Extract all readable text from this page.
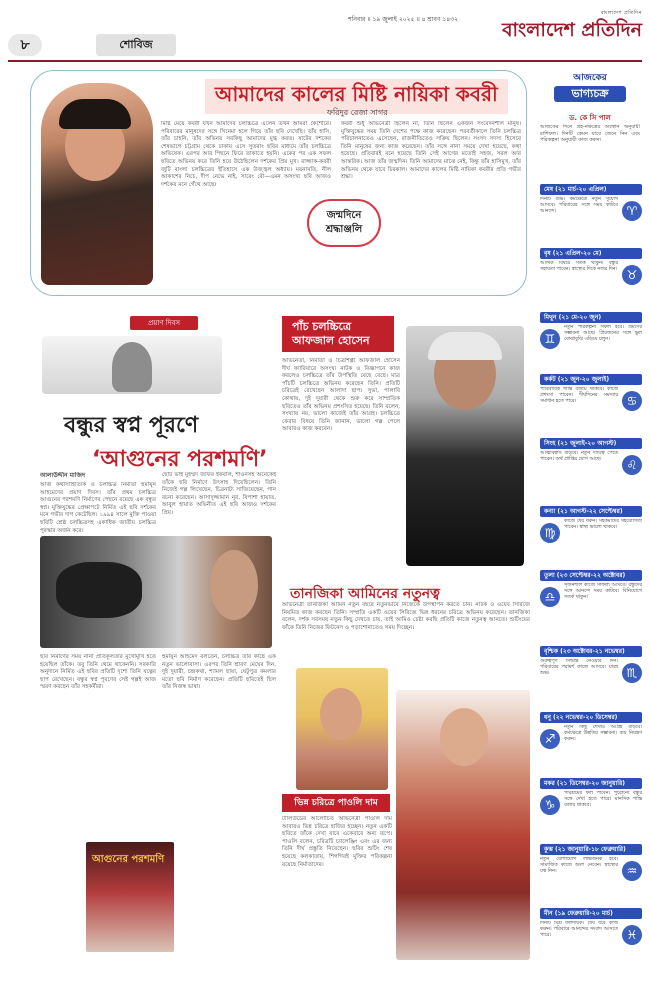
৮	শোবিজ
শনিবার ॥ ১৯ জুলাই ২০২৫ ॥ ৪ শ্রাবণ ১৪৩২
বাংলাদেশ প্রতিদিন
বাংলাদেশ প্রতিদিন
আমাদের কালের মিষ্টি নায়িকা কবরী
ফরিদুর রেজা সাগর
মিষ্টি মেয়ে কবরী যখন আমাদের চলচ্চিত্রে এলেন তখন আমরা কৈশোরে। পরিবারের মানুষদের সঙ্গে সিনেমা হলে গিয়ে তাঁর ছবি দেখেছি। তাঁর হাসি, তাঁর চাহনি, তাঁর অভিনয় সবকিছু আমাদের মুগ্ধ করত। ষাটের দশকের শেষভাগে চট্টগ্রাম থেকে ঢাকায় এসে সুতরাং ছবির মাধ্যমে তাঁর চলচ্চিত্রে অভিষেক। এরপর আর পিছনে ফিরে তাকাতে হয়নি। একের পর এক সফল ছবিতে অভিনয় করে তিনি হয়ে উঠেছিলেন দর্শকের প্রিয় মুখ। রাজ্জাক-কবরী জুটি বাংলা চলচ্চিত্রের ইতিহাসে এক উজ্জ্বল অধ্যায়। ময়নামতি, নীল আকাশের নিচে, দীপ নেভে নাই, সারেং বৌ—এমন অসংখ্য ছবি আজও দর্শকের মনে গেঁথে আছে।
কবরী শুধু অভিনেত্রী ছিলেন না, তিনি ছিলেন একজন সংবেদনশীল মানুষ। মুক্তিযুদ্ধের সময় তিনি দেশের পক্ষে কাজ করেছেন। পরবর্তীকালে তিনি চলচ্চিত্র পরিচালনাতেও এসেছেন, রাজনীতিতেও সক্রিয় ছিলেন। সংসদ সদস্য হিসেবে তিনি মানুষের জন্য কাজ করেছেন। তাঁর সঙ্গে নানা সময়ে দেখা হয়েছে, কথা হয়েছে। প্রতিবারই মনে হয়েছে তিনি সেই আগের মতোই সহজ, সরল আর আন্তরিক। আজ তাঁর জন্মদিন। তিনি আমাদের মাঝে নেই, কিন্তু তাঁর হাসিমুখ, তাঁর অভিনয় থেকে যাবে চিরকাল। আমাদের কালের মিষ্টি নায়িকা কবরীর প্রতি গভীর শ্রদ্ধা।
জন্মদিনে শ্রদ্ধাঞ্জলি
প্রয়াণ দিবস
বন্ধুর স্বপ্ন পূরণে
‘আগুনের পরশমণি’
আলাউদ্দীন মাজিদ
আজ কথাসাহিত্যিক ও চলচ্চিত্র নির্মাতা হুমায়ূন আহমেদের প্রয়াণ দিবস। তাঁর প্রথম চলচ্চিত্র আগুনের পরশমণি নির্মাণের পেছনে রয়েছে এক বন্ধুর স্বপ্ন। মুক্তিযুদ্ধের প্রেক্ষাপটে নির্মিত এই ছবি দর্শকের মনে গভীর দাগ কেটেছিল। ১৯৯৪ সালে মুক্তি পাওয়া ছবিটি শ্রেষ্ঠ চলচ্চিত্রসহ একাধিক জাতীয় চলচ্চিত্র পুরস্কার অর্জন করে।
ছোট ভাই মুহম্মদ জাফর ইকবাল, শাওনসহ অনেকেই তাঁকে ছবি নির্মাণে উৎসাহ দিয়েছিলেন। তিনি নিজেই গল্প লিখেছেন, চিত্রনাট্য সাজিয়েছেন, গান রচনা করেছেন। আসাদুজ্জামান নূর, বিপাশা হায়াত, আবুল হায়াত অভিনীত এই ছবি আজও দর্শকের প্রিয়।
ছবি নির্মাণের সময় নানা প্রতিকূলতার মুখোমুখি হতে হয়েছিল তাঁকে। তবু তিনি থেমে থাকেননি। সরকারি অনুদানে নির্মিত এই ছবির প্রতিটি দৃশ্যে তিনি যত্নের ছাপ রেখেছেন। বন্ধুর স্বপ্ন পূরণের সেই গল্পই আজ স্মরণ করছেন তাঁর সহকর্মীরা।
হুমায়ূন আহমেদ বলতেন, চলচ্চিত্র তাঁর কাছে এক নতুন ভালোবাসা। এরপর তিনি শ্রাবণ মেঘের দিন, দুই দুয়ারী, চন্দ্রকথা, শ্যামল ছায়া, ঘেটুপুত্র কমলার মতো ছবি নির্মাণ করেছেন। প্রতিটি ছবিতেই ছিল তাঁর নিজস্ব ভাষা।
আগুনের পরশমণি
পাঁচ চলচ্চিত্রে
আফজাল হোসেন
অভিনেতা, নির্মাতা ও চিত্রশিল্পী আফজাল হোসেন দীর্ঘ ক্যারিয়ারে অসংখ্য নাটক ও বিজ্ঞাপনে কাজ করলেও চলচ্চিত্রে তাঁর উপস্থিতি বেছে বেছে। মাত্র পাঁচটি চলচ্চিত্রে অভিনয় করেছেন তিনি। প্রতিটি চরিত্রেই রেখেছেন আলাদা ছাপ। সুভা, পালাবি কোথায়, দুই দুয়ারী থেকে শুরু করে সাম্প্রতিক ছবিতেও তাঁর অভিনয় প্রশংসিত হয়েছে। তিনি বলেন, সংখ্যায় নয়, ভালো কাজেই তাঁর আগ্রহ। চলচ্চিত্রে ফেরার বিষয়ে তিনি জানান, ভালো গল্প পেলে আবারও কাজ করবেন।
তানজিকা আমিনের নতুনত্ব
অভিনেত্রী তানজিকা আমিন নতুন বছরে নতুনভাবে নিজেকে উপস্থাপন করতে চান। নাটক ও ওয়েব সিরিজে নিয়মিত কাজ করছেন তিনি। সম্প্রতি একটি ওয়েব সিরিজে ভিন্ন ধরনের চরিত্রে অভিনয় করেছেন। তানজিকা বলেন, দর্শক সবসময় নতুন কিছু দেখতে চায়, তাই আমিও চেষ্টা করছি প্রতিটি কাজে নতুনত্ব আনতে। শুটিংয়ের ফাঁকে তিনি নিজের ফিটনেস ও পড়াশোনাতেও সময় দিচ্ছেন।
ভিন্ন চরিত্রে পাওলি দাম
টালিউডের আলোচিত অভিনেত্রী পাওলি দাম আবারও ভিন্ন চরিত্রে হাজির হচ্ছেন। নতুন একটি ছবিতে তাঁকে দেখা যাবে একেবারে অন্য রূপে। পাওলি বলেন, চরিত্রটি চ্যালেঞ্জিং এবং এর জন্য তিনি দীর্ঘ প্রস্তুতি নিয়েছেন। ছবির শুটিং শেষ হয়েছে কলকাতায়, শিগগিরই মুক্তির পরিকল্পনা রয়েছে নির্মাতাদের।
আজকের
ভাগ্যচক্র
ড. কে সি পাল
আজকের দিনে গ্রহ-নক্ষত্রের অবস্থান অনুযায়ী রাশিফল। দিনটি কেমন যাবে জেনে নিন এবং পরিকল্পনা অনুযায়ী কাজ করুন।
মেষ (২১ মার্চ-২০ এপ্রিল)
♈
দিনটি শুভ। কর্মক্ষেত্রে নতুন সুযোগ আসবে। পরিবারের সঙ্গে সময় কাটবে আনন্দে।
বৃষ (২১ এপ্রিল-২০ মে)
♉
আর্থিক বিষয়ে সতর্ক থাকুন। বন্ধুর সহায়তা পাবেন। স্বাস্থ্যের দিকে নজর দিন।
মিথুন (২১ মে-২০ জুন)
♊
নতুন পরিকল্পনা সফল হবে। ভ্রমণের সম্ভাবনা আছে। প্রিয়জনের সঙ্গে ভুল বোঝাবুঝি এড়িয়ে চলুন।
কর্কট (২১ জুন-২০ জুলাই)
♋
পারিবারিক শান্তি বজায় থাকবে। কাজে প্রশংসা পাবেন। দীর্ঘদিনের সমস্যার সমাধান হতে পারে।
সিংহ (২১ জুলাই-২০ আগস্ট)
♌
আত্মবিশ্বাস বাড়বে। নতুন দায়িত্ব পেতে পারেন। অর্থ প্রাপ্তির যোগ আছে।
কন্যা (২১ আগস্ট-২২ সেপ্টেম্বর)
♍
কাজে ধৈর্য ধরুন। সহকর্মীদের সহযোগিতা পাবেন। স্বাস্থ্য ভালো থাকবে।
তুলা (২৩ সেপ্টেম্বর-২২ অক্টোবর)
♎
সৃজনশীল কাজে সাফল্য আসবে। বন্ধুদের সঙ্গে আনন্দে সময় কাটবে। বিনিয়োগে সতর্ক থাকুন।
বৃশ্চিক (২৩ অক্টোবর-২১ নভেম্বর)
♏
গুরুত্বপূর্ণ সিদ্ধান্ত নেওয়ার দিন। পরিবারের পরামর্শ কাজে আসবে। যাত্রা শুভ।
ধনু (২২ নভেম্বর-২০ ডিসেম্বর)
♐
নতুন কিছু শেখার আগ্রহ বাড়বে। কর্মক্ষেত্রে উন্নতির সম্ভাবনা। ব্যয় নিয়ন্ত্রণ করুন।
মকর (২১ ডিসেম্বর-২০ জানুয়ারি)
♑
পরিশ্রমের ফল পাবেন। পুরোনো বন্ধুর সঙ্গে দেখা হতে পারে। মানসিক শান্তি বজায় থাকবে।
কুম্ভ (২১ জানুয়ারি-১৮ ফেব্রুয়ারি)
♒
নতুন যোগাযোগ লাভজনক হবে। সামাজিক কাজে অংশ নেবেন। স্বাস্থ্যের যত্ন নিন।
মীন (১৯ ফেব্রুয়ারি-২০ মার্চ)
♓
দিনটি মিশ্র ফলদায়ক। ধৈর্য ধরে কাজ করুন। পরিবারে আনন্দের সংবাদ আসতে পারে।
